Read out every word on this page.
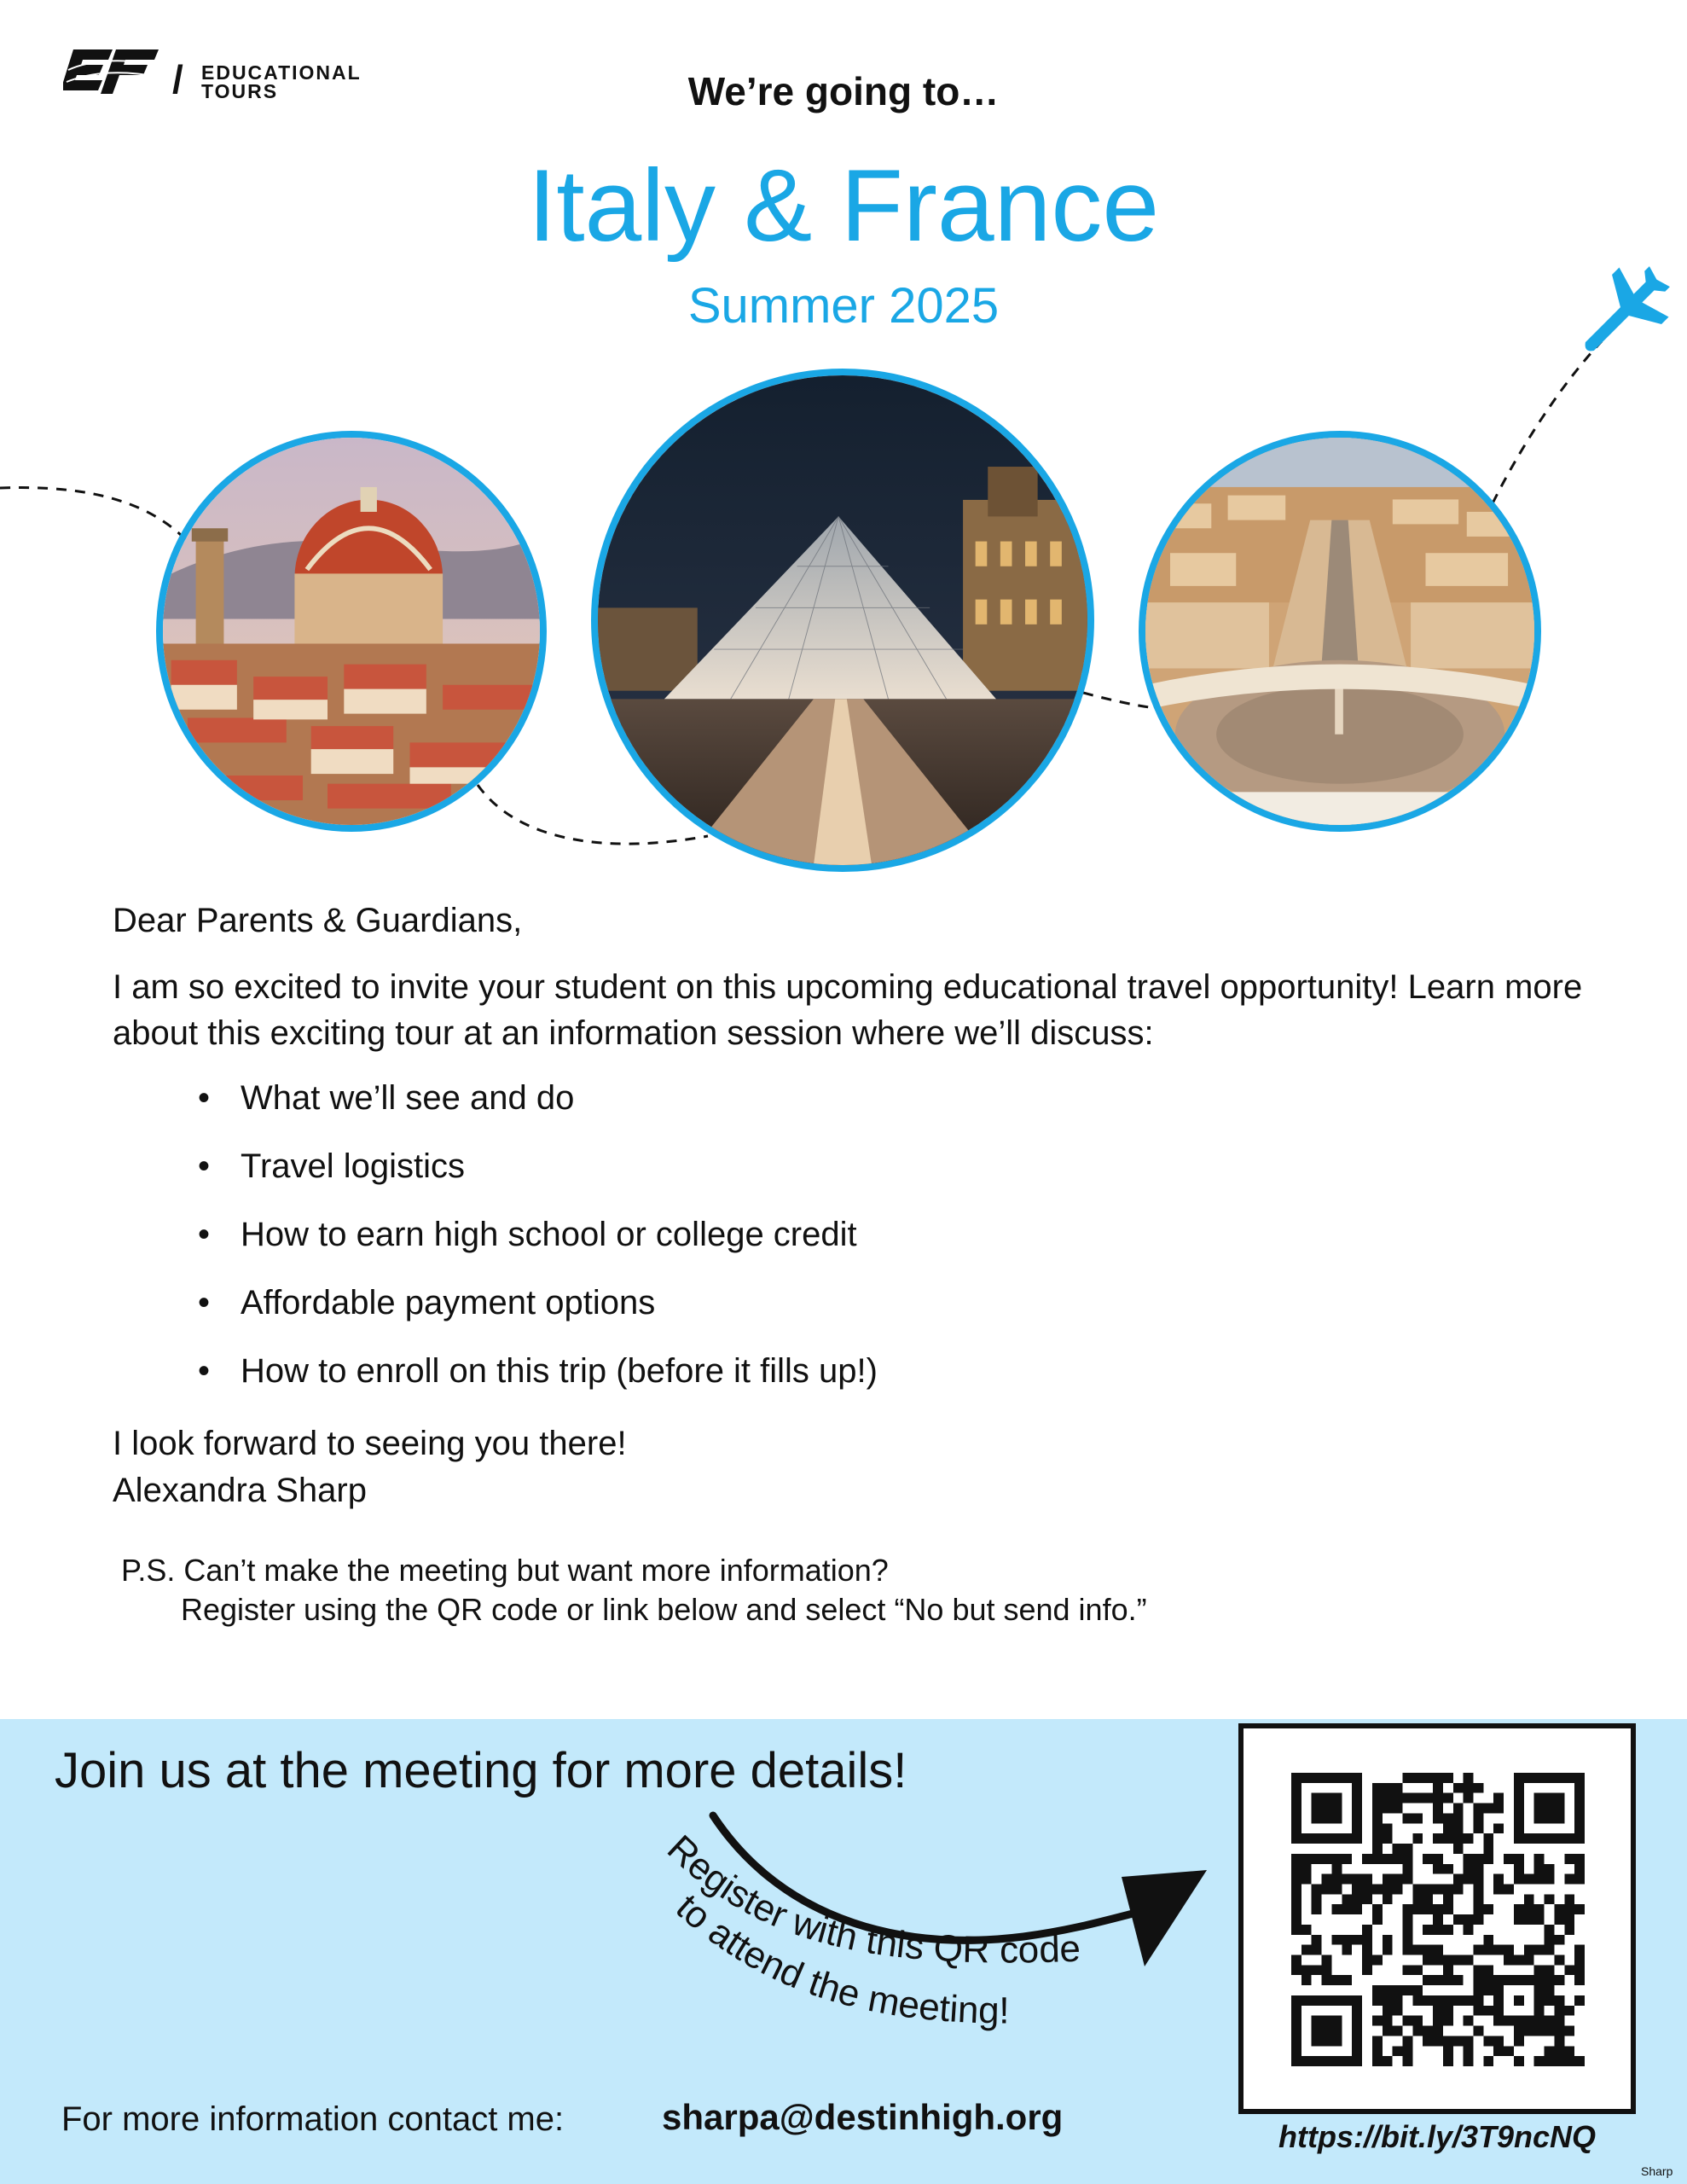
/ EDUCATIONAL
TOURS	We’re going to…
Italy & France
Summer 2025
Dear Parents & Guardians,
I am so excited to invite your student on this upcoming educational travel opportunity! Learn more about this exciting tour at an information session where we’ll discuss:
• What we’ll see and do
• Travel logistics
• How to earn high school or college credit
• Affordable payment options
• How to enroll on this trip (before it fills up!)
I look forward to seeing you there!
Alexandra Sharp
P.S. Can’t make the meeting but want more information?
Register using the QR code or link below and select “No but send info.”
Join us at the meeting for more details!
Register with this QR code
to attend the meeting!
For more information contact me:	sharpa@destinhigh.org	https://bit.ly/3T9ncNQ
Sharp
